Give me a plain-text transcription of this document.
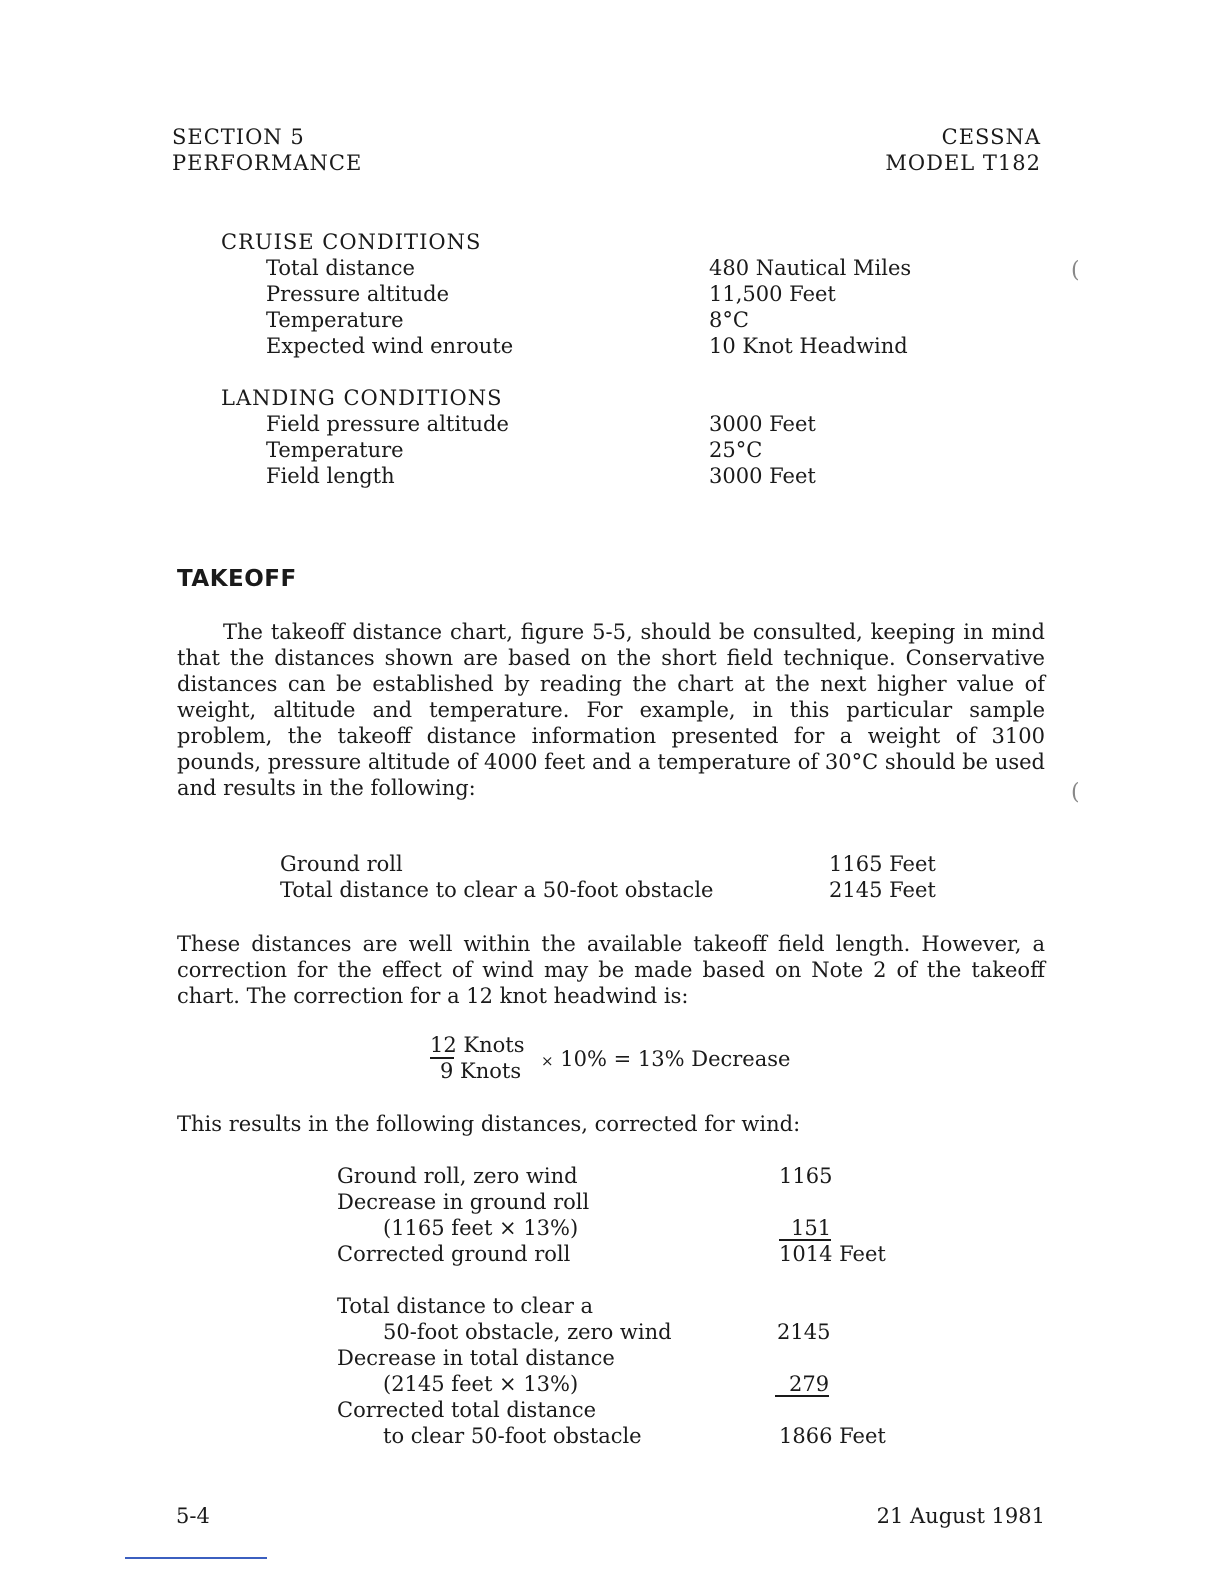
SECTION 5
PERFORMANCE
CESSNA
MODEL T182
CRUISE CONDITIONS
Total distance	480 Nautical Miles
Pressure altitude	11,500 Feet
Temperature	8°C
Expected wind enroute	10 Knot Headwind
LANDING CONDITIONS
Field pressure altitude	3000 Feet
Temperature	25°C
Field length	3000 Feet
TAKEOFF
The takeoff distance chart, figure 5-5, should be consulted, keeping in mind that the distances shown are based on the short field technique. Conservative distances can be established by reading the chart at the next higher value of weight, altitude and temperature. For example, in this particular sample problem, the takeoff distance information presented for a weight of 3100 pounds, pressure altitude of 4000 feet and a temperature of 30°C should be used and results in the following:
Ground roll	1165 Feet
Total distance to clear a 50-foot obstacle	2145 Feet
These distances are well within the available takeoff field length. However, a correction for the effect of wind may be made based on Note 2 of the takeoff chart. The correction for a 12 knot headwind is:
12 Knots
9 Knots × 10% = 13% Decrease
This results in the following distances, corrected for wind:
Ground roll, zero wind	1165
Decrease in ground roll
(1165 feet × 13%)	151
Corrected ground roll	1014 Feet
Total distance to clear a
50-foot obstacle, zero wind	2145
Decrease in total distance
(2145 feet × 13%)	279
Corrected total distance
to clear 50-foot obstacle	1866 Feet
(
(
5-4	21 August 1981
